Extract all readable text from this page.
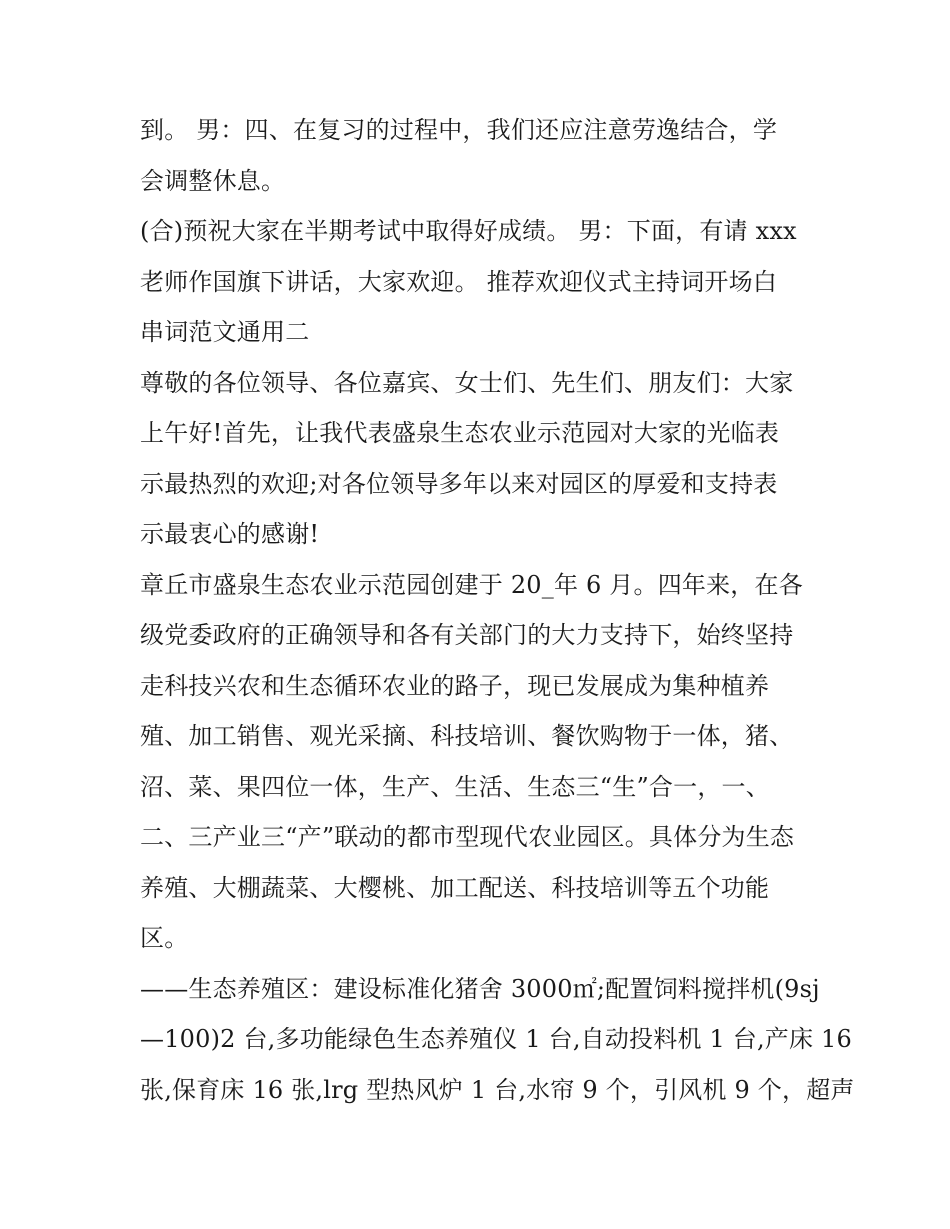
到。 男：四、在复习的过程中，我们还应注意劳逸结合，学
会调整休息。
(合)预祝大家在半期考试中取得好成绩。 男：下面，有请 xxx
老师作国旗下讲话，大家欢迎。 推荐欢迎仪式主持词开场白
串词范文通用二
尊敬的各位领导、各位嘉宾、女士们、先生们、朋友们：大家
上午好!首先，让我代表盛泉生态农业示范园对大家的光临表
示最热烈的欢迎;对各位领导多年以来对园区的厚爱和支持表
示最衷心的感谢!
章丘市盛泉生态农业示范园创建于 20_年 6 月。四年来，在各
级党委政府的正确领导和各有关部门的大力支持下，始终坚持
走科技兴农和生态循环农业的路子，现已发展成为集种植养
殖、加工销售、观光采摘、科技培训、餐饮购物于一体，猪、
沼、菜、果四位一体，生产、生活、生态三“生”合一，一、
二、三产业三“产”联动的都市型现代农业园区。具体分为生态
养殖、大棚蔬菜、大樱桃、加工配送、科技培训等五个功能
区。
——生态养殖区：建设标准化猪舍 3000㎡;配置饲料搅拌机(9sj
—100)2 台,多功能绿色生态养殖仪 1 台,自动投料机 1 台,产床 16
张,保育床 16 张,lrg 型热风炉 1 台,水帘 9 个，引风机 9 个，超声
